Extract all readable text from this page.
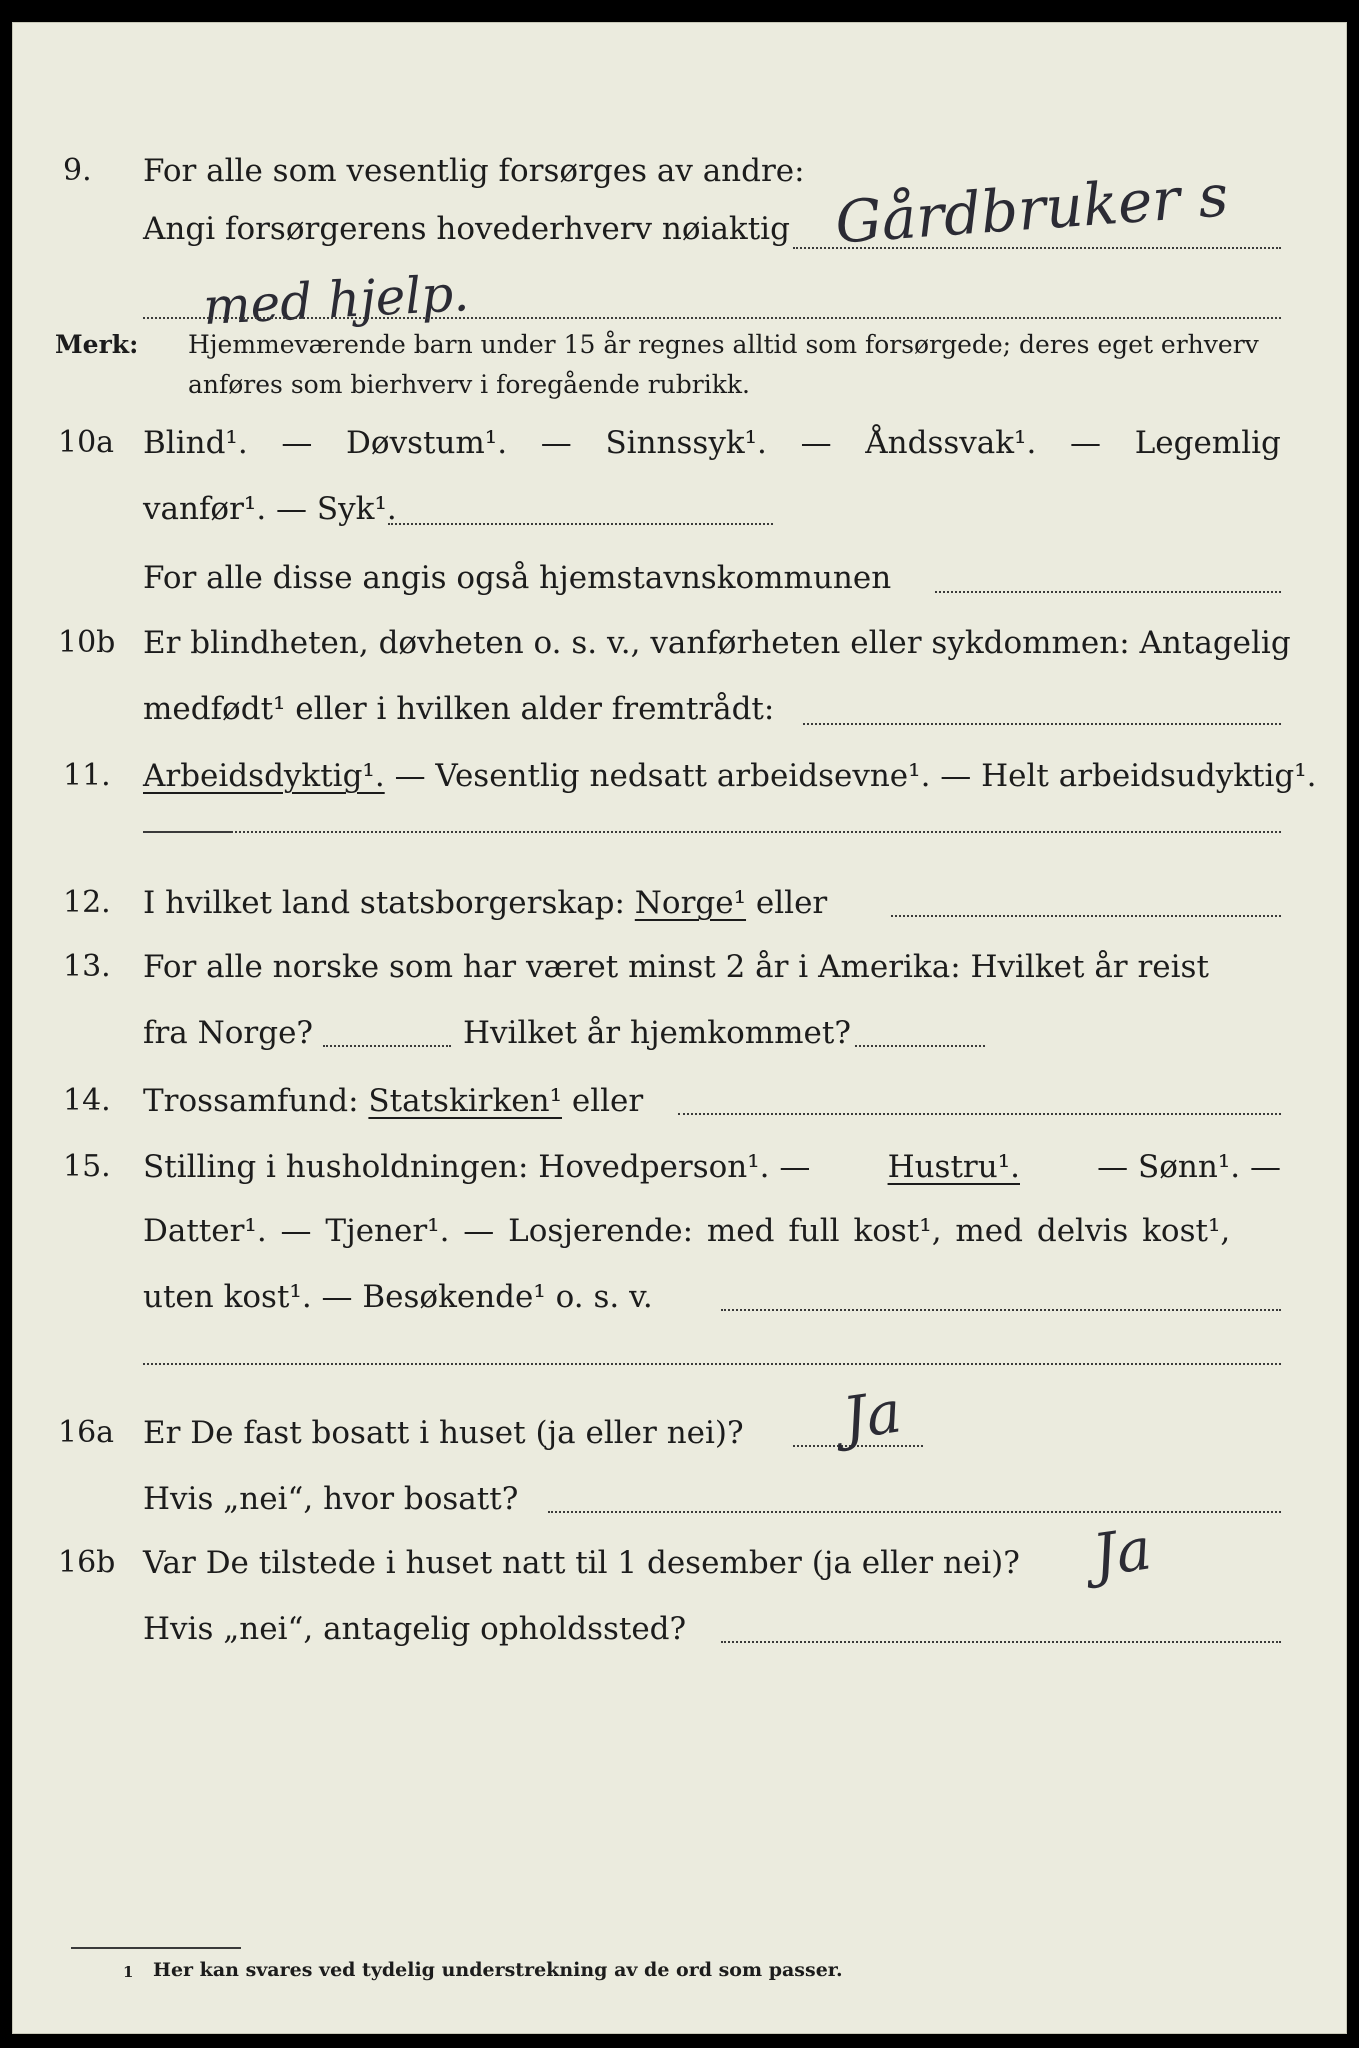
9. For alle som vesentlig forsørges av andre: Gårdbruker s
Angi forsørgerens hovederhverv nøiaktig
med hjelp.
Merk: Hjemmeværende barn under 15 år regnes alltid som forsørgede; deres eget erhverv
anføres som bierhverv i foregående rubrikk.
10a Blind¹. — Døvstum¹. — Sinnssyk¹. — Åndssvak¹. — Legemlig
vanfør¹. — Syk¹.
For alle disse angis også hjemstavnskommunen
10b Er blindheten, døvheten o. s. v., vanførheten eller sykdommen: Antagelig
medfødt¹ eller i hvilken alder fremtrådt:
11. Arbeidsdyktig¹. — Vesentlig nedsatt arbeidsevne¹. — Helt arbeidsudyktig¹.
12. I hvilket land statsborgerskap: Norge¹ eller
13. For alle norske som har været minst 2 år i Amerika: Hvilket år reist
fra Norge?	Hvilket år hjemkommet?
14. Trossamfund: Statskirken¹ eller
15. Stilling i husholdningen: Hovedperson¹. — Hustru¹. — Sønn¹. —
Datter¹. — Tjener¹. — Losjerende: med full kost¹, med delvis kost¹,
uten kost¹. — Besøkende¹ o. s. v.
16a Er De fast bosatt i huset (ja eller nei)? Ja
Hvis „nei“, hvor bosatt?
16b Var De tilstede i huset natt til 1 desember (ja eller nei)? Ja
Hvis „nei“, antagelig opholdssted?
1 Her kan svares ved tydelig understrekning av de ord som passer.
